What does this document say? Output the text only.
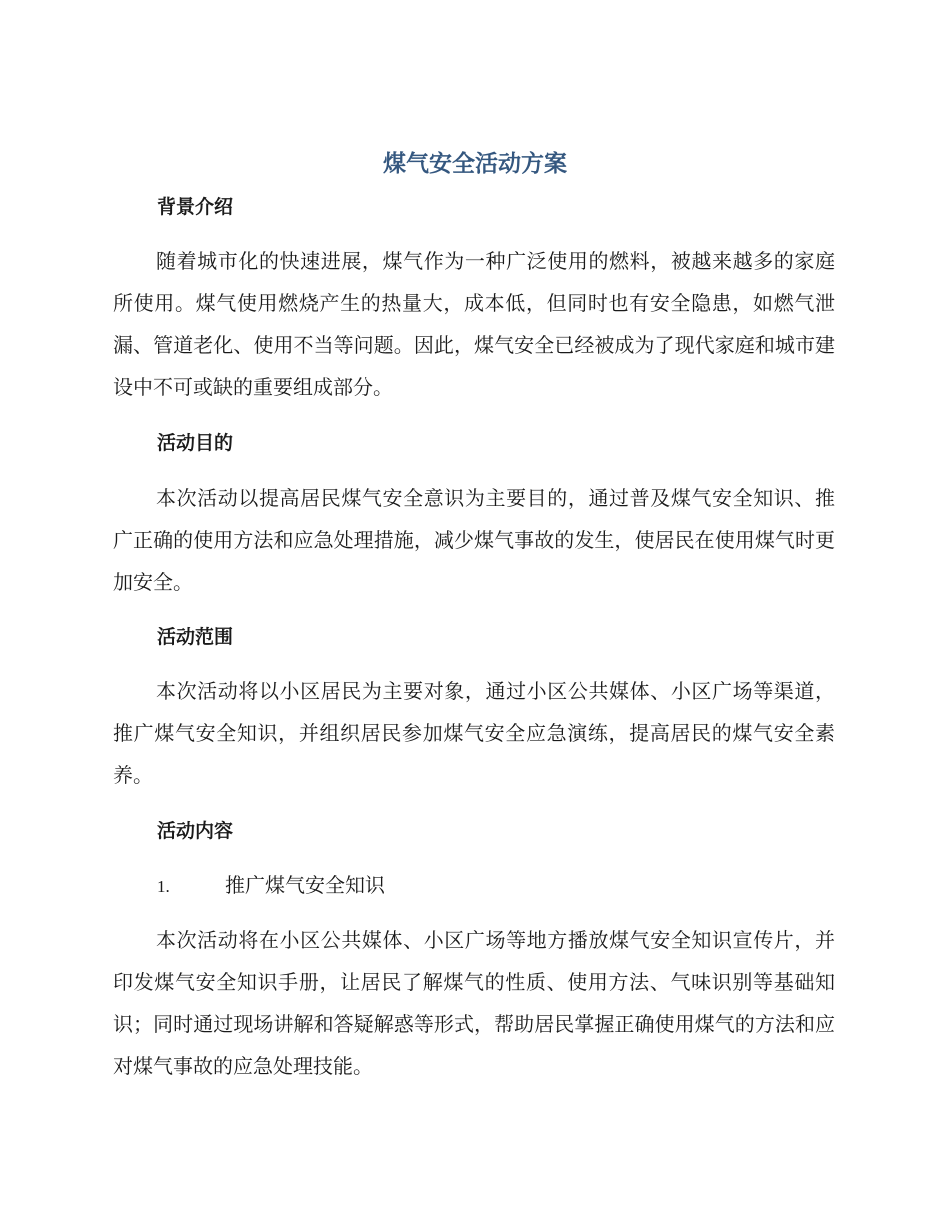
煤气安全活动方案
背景介绍

随着城市化的快速进展，煤气作为一种广泛使用的燃料，被越来越多的家庭所使用。煤气使用燃烧产生的热量大，成本低，但同时也有安全隐患，如燃气泄漏、管道老化、使用不当等问题。因此，煤气安全已经被成为了现代家庭和城市建设中不可或缺的重要组成部分。

活动目的

本次活动以提高居民煤气安全意识为主要目的，通过普及煤气安全知识、推广正确的使用方法和应急处理措施，减少煤气事故的发生，使居民在使用煤气时更加安全。

活动范围

本次活动将以小区居民为主要对象，通过小区公共媒体、小区广场等渠道，推广煤气安全知识，并组织居民参加煤气安全应急演练，提高居民的煤气安全素养。

活动内容
1.	推广煤气安全知识

本次活动将在小区公共媒体、小区广场等地方播放煤气安全知识宣传片，并印发煤气安全知识手册，让居民了解煤气的性质、使用方法、气味识别等基础知识；同时通过现场讲解和答疑解惑等形式，帮助居民掌握正确使用煤气的方法和应对煤气事故的应急处理技能。
